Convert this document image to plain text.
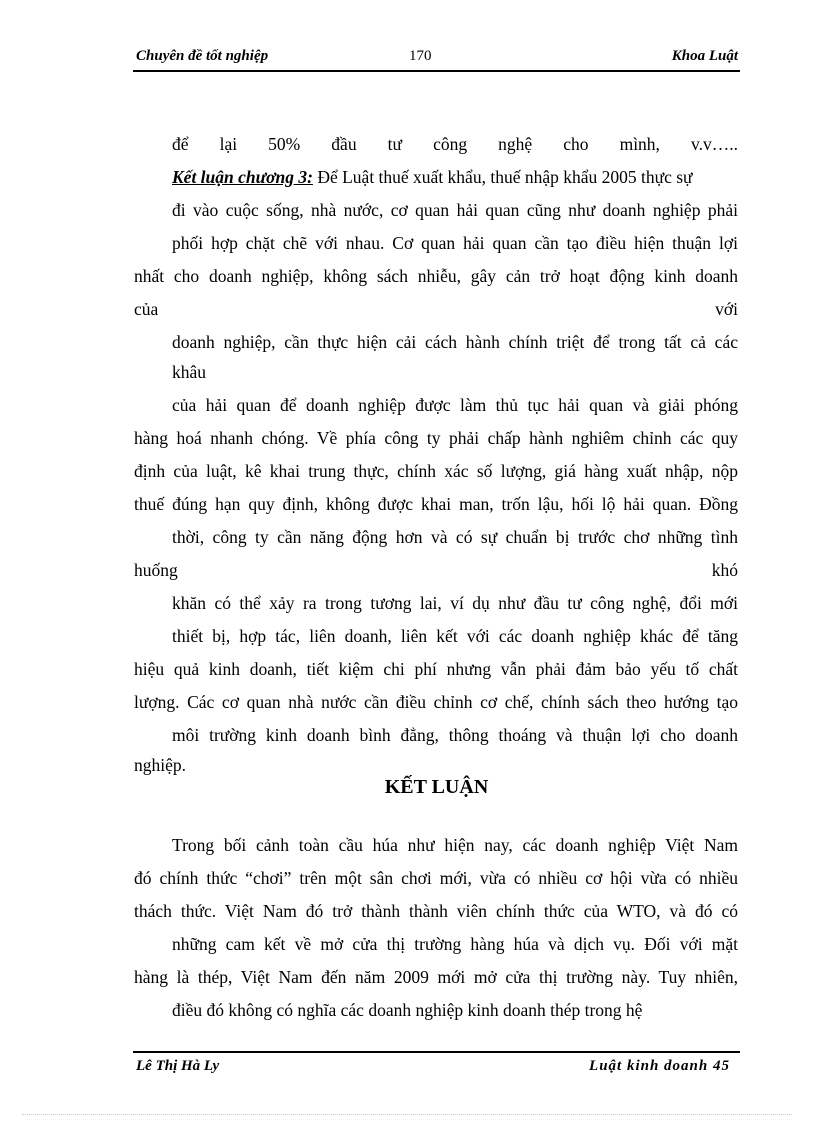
Chuyên đề tốt nghiệp	170	Khoa Luật
để lại 50% đầu tư công nghệ cho mình, v.v…..
Kết luận chương 3: Để Luật thuế xuất khẩu, thuế nhập khẩu 2005 thực sự
đi vào cuộc sống, nhà nước, cơ quan hải quan cũng như doanh nghiệp phải
phối hợp chặt chẽ với nhau. Cơ quan hải quan cần tạo điều hiện thuận lợi
nhất cho doanh nghiệp, không sách nhiễu, gây cản trở hoạt động kinh doanh
của với
doanh nghiệp, cần thực hiện cải cách hành chính triệt để trong tất cả các
khâu
của hải quan để doanh nghiệp được làm thủ tục hải quan và giải phóng
hàng hoá nhanh chóng. Về phía công ty phải chấp hành nghiêm chỉnh các quy
định của luật, kê khai trung thực, chính xác số lượng, giá hàng xuất nhập, nộp
thuế đúng hạn quy định, không được khai man, trốn lậu, hối lộ hải quan. Đồng
thời, công ty cần năng động hơn và có sự chuẩn bị trước chơ những tình
huống khó
khăn có thể xảy ra trong tương lai, ví dụ như đầu tư công nghệ, đổi mới
thiết bị, hợp tác, liên doanh, liên kết với các doanh nghiệp khác để tăng
hiệu quả kinh doanh, tiết kiệm chi phí nhưng vẫn phải đảm bảo yếu tố chất
lượng. Các cơ quan nhà nước cần điều chỉnh cơ chế, chính sách theo hướng tạo
môi trường kinh doanh bình đẳng, thông thoáng và thuận lợi cho doanh
nghiệp.
KẾT LUẬN
Trong bối cảnh toàn cầu húa như hiện nay, các doanh nghiệp Việt Nam
đó chính thức “chơi” trên một sân chơi mới, vừa có nhiều cơ hội vừa có nhiều
thách thức. Việt Nam đó trở thành thành viên chính thức của WTO, và đó có
những cam kết về mở cửa thị trường hàng húa và dịch vụ. Đối với mặt
hàng là thép, Việt Nam đến năm 2009 mới mở cửa thị trường này. Tuy nhiên,
điều đó không có nghĩa các doanh nghiệp kinh doanh thép trong hệ
Lê Thị Hà Ly	Luật kinh doanh 45
